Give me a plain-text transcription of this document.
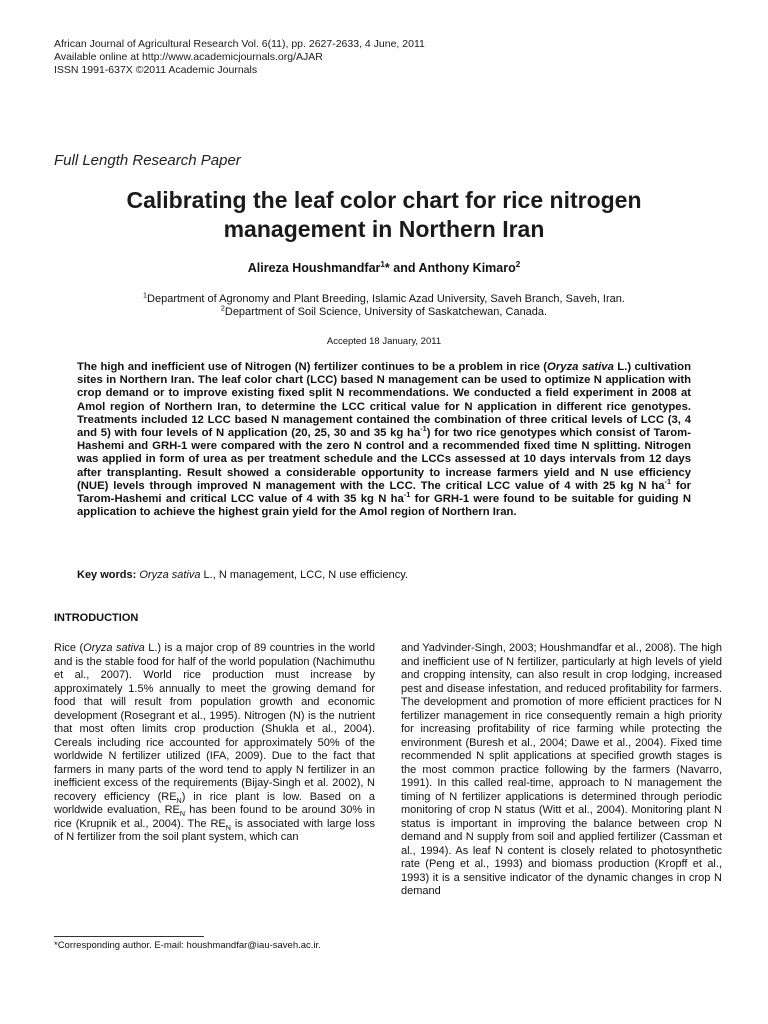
African Journal of Agricultural Research Vol. 6(11), pp. 2627-2633, 4 June, 2011
Available online at http://www.academicjournals.org/AJAR
ISSN 1991-637X ©2011 Academic Journals
Full Length Research Paper
Calibrating the leaf color chart for rice nitrogen
management in Northern Iran
Alireza Houshmandfar$^1$* and Anthony Kimaro$^2$
$^1$Department of Agronomy and Plant Breeding, Islamic Azad University, Saveh Branch, Saveh, Iran.
$^2$Department of Soil Science, University of Saskatchewan, Canada.
Accepted 18 January, 2011
The high and inefficient use of Nitrogen (N) fertilizer continues to be a problem in rice (Oryza sativa L.) cultivation sites in Northern Iran. The leaf color chart (LCC) based N management can be used to optimize N application with crop demand or to improve existing fixed split N recommendations. We conducted a field experiment in 2008 at Amol region of Northern Iran, to determine the LCC critical value for N application in different rice genotypes. Treatments included 12 LCC based N management contained the combination of three critical levels of LCC (3, 4 and 5) with four levels of N application (20, 25, 30 and 35 kg $ha^{-1}$) for two rice genotypes which consist of Tarom-Hashemi and GRH-1 were compared with the zero N control and a recommended fixed time N splitting. Nitrogen was applied in form of urea as per treatment schedule and the LCCs assessed at 10 days intervals from 12 days after transplanting. Result showed a considerable opportunity to increase farmers yield and N use efficiency (NUE) levels through improved N management with the LCC. The critical LCC value of 4 with 25 kg N $ha^{-1}$ for Tarom-Hashemi and critical LCC value of 4 with 35 kg N $ha^{-1}$ for GRH-1 were found to be suitable for guiding N application to achieve the highest grain yield for the Amol region of Northern Iran.
Key words: Oryza sativa L., N management, LCC, N use efficiency.
INTRODUCTION
Rice (Oryza sativa L.) is a major crop of 89 countries in the world and is the stable food for half of the world population (Nachimuthu et al., 2007). World rice production must increase by approximately 1.5% annually to meet the growing demand for food that will result from population growth and economic development (Rosegrant et al., 1995). Nitrogen (N) is the nutrient that most often limits crop production (Shukla et al., 2004). Cereals including rice accounted for approximately 50% of the worldwide N fertilizer utilized (IFA, 2009). Due to the fact that farmers in many parts of the word tend to apply N fertilizer in an inefficient excess of the requirements (Bijay-Singh et al. 2002), N recovery efficiency $(RE_N)$ in rice plant is low. Based on a worldwide evaluation, $RE_N$ has been found to be around 30% in rice (Krupnik et al., 2004). The $RE_N$ is associated with large loss of N fertilizer from the soil plant system, which can
and Yadvinder-Singh, 2003; Houshmandfar et al., 2008). The high and inefficient use of N fertilizer, particularly at high levels of yield and cropping intensity, can also result in crop lodging, increased pest and disease infestation, and reduced profitability for farmers. The development and promotion of more efficient practices for N fertilizer management in rice consequently remain a high priority for increasing profitability of rice farming while protecting the environment (Buresh et al., 2004; Dawe et al., 2004). Fixed time recommended N split applications at specified growth stages is the most common practice following by the farmers (Navarro, 1991). In this called real-time, approach to N management the timing of N fertilizer applications is determined through periodic monitoring of crop N status (Witt et al., 2004). Monitoring plant N status is important in improving the balance between crop N demand and N supply from soil and applied fertilizer (Cassman et al., 1994). As leaf N content is closely related to photosynthetic rate (Peng et al., 1993) and biomass production (Kropff et al., 1993) it is a sensitive indicator of the dynamic changes in crop N demand
*Corresponding author. E-mail: houshmandfar@iau-saveh.ac.ir.
